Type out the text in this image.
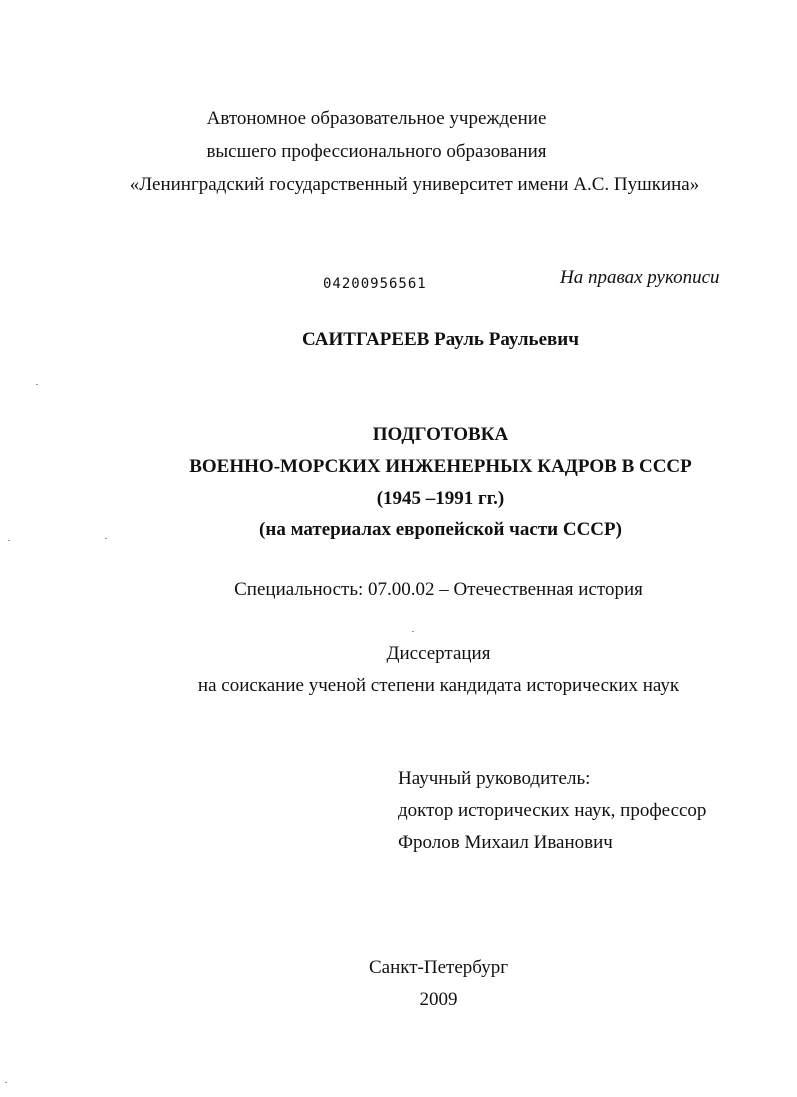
Автономное образовательное учреждение
высшего профессионального образования
«Ленинградский государственный университет имени А.С. Пушкина»
04200956561	На правах рукописи
САИТГАРЕЕВ Рауль Раульевич
ПОДГОТОВКА
ВОЕННО-МОРСКИХ ИНЖЕНЕРНЫХ КАДРОВ В СССР
(1945 –1991 гг.)
(на материалах европейской части СССР)
Специальность: 07.00.02 – Отечественная история
Диссертация
на соискание ученой степени кандидата исторических наук
Научный руководитель:
доктор исторических наук, профессор
Фролов Михаил Иванович
Санкт-Петербург
2009
